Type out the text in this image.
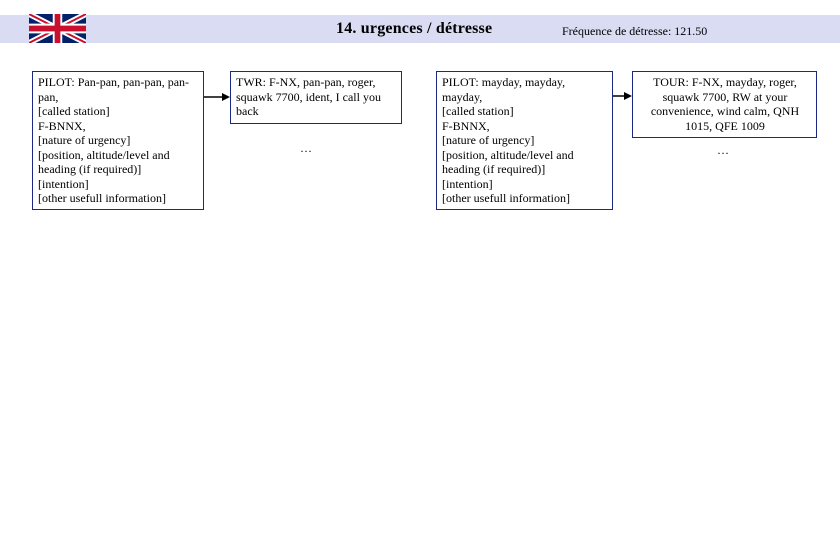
14. urgences / détresse	Fréquence de détresse: 121.50
PILOT: Pan-pan, pan-pan, pan-
pan,
[called station]
F-BNNX,
[nature of urgency]
[position, altitude/level and
heading (if required)]
[intention]
[other usefull information]
TWR: F-NX, pan-pan, roger,
squawk 7700, ident, I call you
back
…
PILOT: mayday, mayday,
mayday,
[called station]
F-BNNX,
[nature of urgency]
[position, altitude/level and
heading (if required)]
[intention]
[other usefull information]
TOUR: F-NX, mayday, roger,
squawk 7700, RW at your
convenience, wind calm, QNH
1015, QFE 1009
…
